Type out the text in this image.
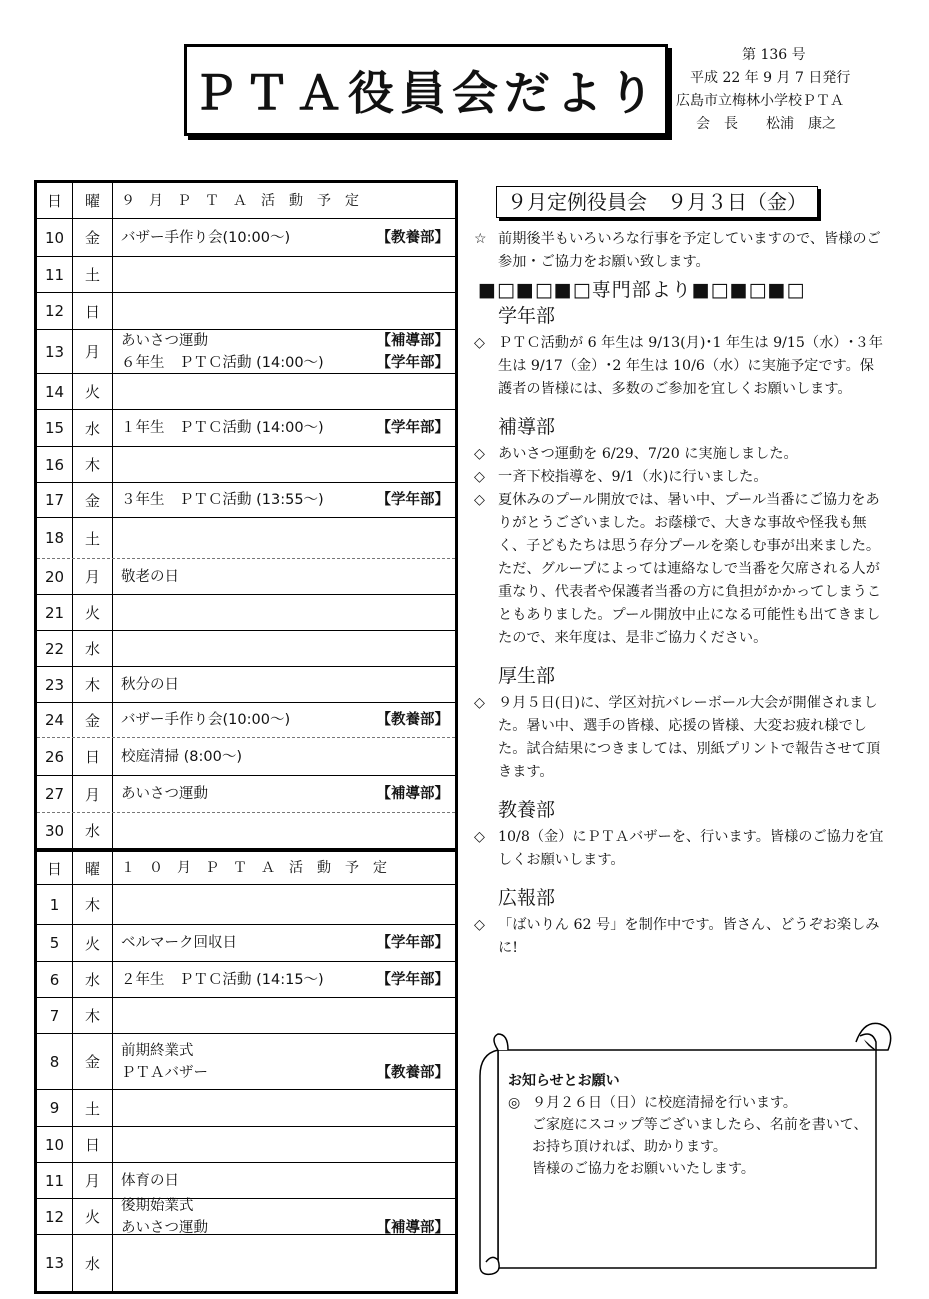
ＰＴＡ役員会だより
第 136 号
平成 22 年 9 月 7 日発行
広島市立梅林小学校ＰＴＡ
会　長　　松浦　康之
日	曜	９　月　Ｐ　Ｔ　Ａ　活　動　予　定
10	金	バザー手作り会(10:00～)	【教養部】
11	土
12	日
13	月
あいさつ運動	【補導部】
６年生　ＰＴＣ活動 (14:00～)	【学年部】
14	火
15	水	１年生　ＰＴＣ活動 (14:00～)	【学年部】
16	木
17	金	３年生　ＰＴＣ活動 (13:55～)	【学年部】
18	土
20	月	敬老の日
21	火
22	水
23	木	秋分の日
24	金	バザー手作り会(10:00～)	【教養部】
26	日	校庭清掃 (8:00～)
27	月	あいさつ運動	【補導部】
30	水
日	曜	１　０　月　Ｐ　Ｔ　Ａ　活　動　予　定
1	木
5	火	ベルマーク回収日	【学年部】
6	水	２年生　ＰＴＣ活動 (14:15～)	【学年部】
7	木
8	金
前期終業式
ＰＴＡバザー	【教養部】
9	土
10	日
11	月	体育の日
12	火
後期始業式
あいさつ運動	【補導部】
13	水
９月定例役員会　９月３日（金）
☆ 前期後半もいろいろな行事を予定していますので、皆様のご参加・ご協力をお願い致します。
■□■□■□専門部より■□■□■□
学年部
◇ ＰＴＣ活動が 6 年生は 9/13(月)･1 年生は 9/15（水）･３年生は 9/17（金）･2 年生は 10/6（水）に実施予定です。保護者の皆様には、多数のご参加を宜しくお願いします。
補導部
◇ あいさつ運動を 6/29、7/20 に実施しました。
◇ 一斉下校指導を、9/1（水)に行いました。
◇ 夏休みのプール開放では、暑い中、プール当番にご協力をありがとうございました。お蔭様で、大きな事故や怪我も無く、子どもたちは思う存分プールを楽しむ事が出来ました。ただ、グループによっては連絡なしで当番を欠席される人が重なり、代表者や保護者当番の方に負担がかかってしまうこともありました。プール開放中止になる可能性も出てきましたので、来年度は、是非ご協力ください。
厚生部
◇ ９月５日(日)に、学区対抗バレーボール大会が開催されました。暑い中、選手の皆様、応援の皆様、大変お疲れ様でした。試合結果につきましては、別紙プリントで報告させて頂きます。
教養部
◇ 10/8（金）にＰＴＡバザーを、行います。皆様のご協力を宜しくお願いします。
広報部
◇ 「ばいりん 62 号」を制作中です。皆さん、どうぞお楽しみに!
お知らせとお願い
◎ ９月２６日（日）に校庭清掃を行います。
ご家庭にスコップ等ございましたら、名前を書いて、お持ち頂ければ、助かります。
皆様のご協力をお願いいたします。
